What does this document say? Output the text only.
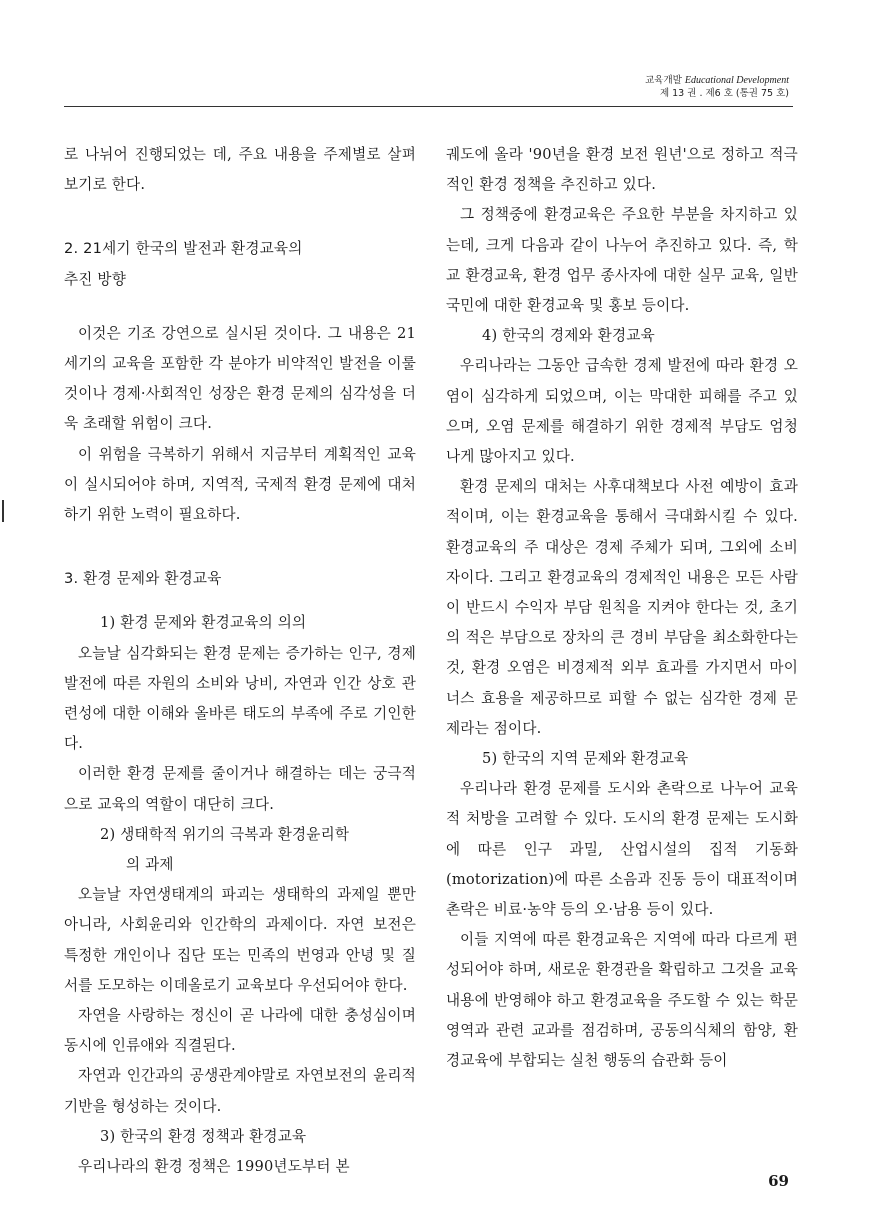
교육개발 Educational Development
제 13 권 . 제6 호 (통권 75 호)

로 나뉘어 진행되었는 데, 주요 내용을 주제별로 살펴보기로 한다.

2. 21세기 한국의 발전과 환경교육의

추진 방향

이것은 기조 강연으로 실시된 것이다. 그 내용은 21세기의 교육을 포함한 각 분야가 비약적인 발전을 이룰 것이나 경제·사회적인 성장은 환경 문제의 심각성을 더욱 초래할 위험이 크다.

이 위험을 극복하기 위해서 지금부터 계획적인 교육이 실시되어야 하며, 지역적, 국제적 환경 문제에 대처하기 위한 노력이 필요하다.

3. 환경 문제와 환경교육

1) 환경 문제와 환경교육의 의의

오늘날 심각화되는 환경 문제는 증가하는 인구, 경제 발전에 따른 자원의 소비와 낭비, 자연과 인간 상호 관련성에 대한 이해와 올바른 태도의 부족에 주로 기인한다.

이러한 환경 문제를 줄이거나 해결하는 데는 궁극적으로 교육의 역할이 대단히 크다.

2) 생태학적 위기의 극복과 환경윤리학

의 과제

오늘날 자연생태계의 파괴는 생태학의 과제일 뿐만 아니라, 사회윤리와 인간학의 과제이다. 자연 보전은 특정한 개인이나 집단 또는 민족의 번영과 안녕 및 질서를 도모하는 이데올로기 교육보다 우선되어야 한다.

자연을 사랑하는 정신이 곧 나라에 대한 충성심이며 동시에 인류애와 직결된다.

자연과 인간과의 공생관계야말로 자연보전의 윤리적 기반을 형성하는 것이다.

3) 한국의 환경 정책과 환경교육

우리나라의 환경 정책은 1990년도부터 본

궤도에 올라 '90년을 환경 보전 원년'으로 정하고 적극적인 환경 정책을 추진하고 있다.

그 정책중에 환경교육은 주요한 부분을 차지하고 있는데, 크게 다음과 같이 나누어 추진하고 있다. 즉, 학교 환경교육, 환경 업무 종사자에 대한 실무 교육, 일반 국민에 대한 환경교육 및 홍보 등이다.

4) 한국의 경제와 환경교육

우리나라는 그동안 급속한 경제 발전에 따라 환경 오염이 심각하게 되었으며, 이는 막대한 피해를 주고 있으며, 오염 문제를 해결하기 위한 경제적 부담도 엄청나게 많아지고 있다.

환경 문제의 대처는 사후대책보다 사전 예방이 효과적이며, 이는 환경교육을 통해서 극대화시킬 수 있다. 환경교육의 주 대상은 경제 주체가 되며, 그외에 소비자이다. 그리고 환경교육의 경제적인 내용은 모든 사람이 반드시 수익자 부담 원칙을 지켜야 한다는 것, 초기의 적은 부담으로 장차의 큰 경비 부담을 최소화한다는 것, 환경 오염은 비경제적 외부 효과를 가지면서 마이너스 효용을 제공하므로 피할 수 없는 심각한 경제 문제라는 점이다.

5) 한국의 지역 문제와 환경교육

우리나라 환경 문제를 도시와 촌락으로 나누어 교육적 처방을 고려할 수 있다. 도시의 환경 문제는 도시화에 따른 인구 과밀, 산업시설의 집적 기동화(motorization)에 따른 소음과 진동 등이 대표적이며 촌락은 비료·농약 등의 오·남용 등이 있다.

이들 지역에 따른 환경교육은 지역에 따라 다르게 편성되어야 하며, 새로운 환경관을 확립하고 그것을 교육 내용에 반영해야 하고 환경교육을 주도할 수 있는 학문 영역과 관련 교과를 점검하며, 공동의식체의 함양, 환경교육에 부합되는 실천 행동의 습관화 등이

69
